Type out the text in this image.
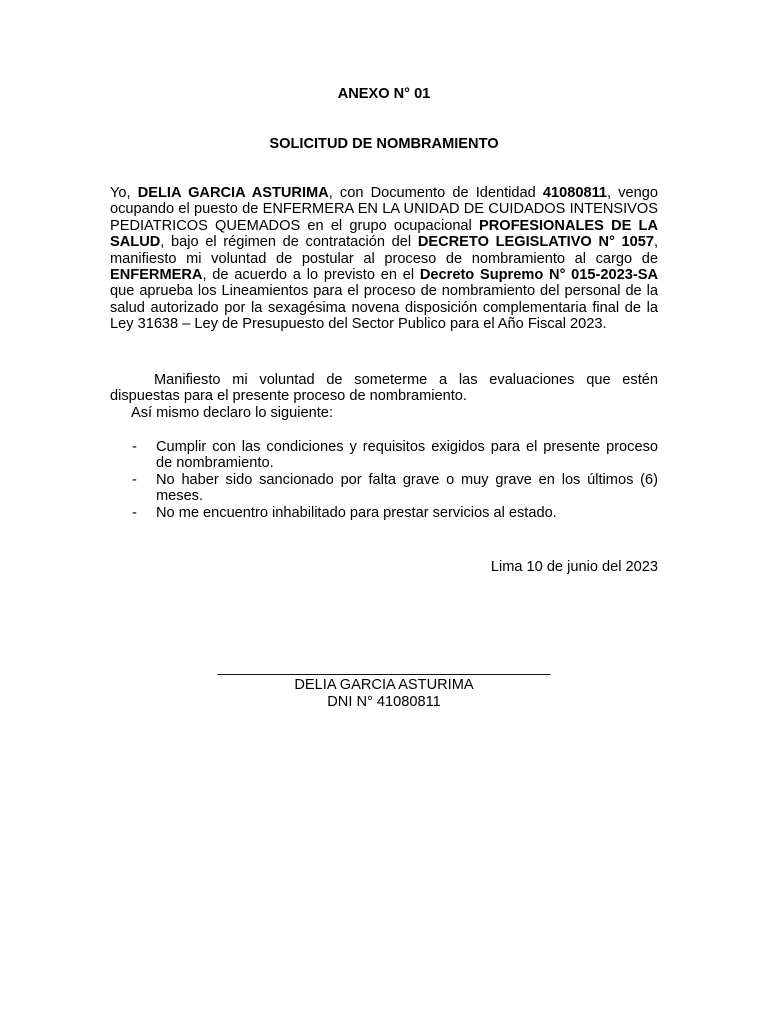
ANEXO N° 01
SOLICITUD DE NOMBRAMIENTO
Yo, DELIA GARCIA ASTURIMA, con Documento de Identidad 41080811, vengo ocupando el puesto de ENFERMERA EN LA UNIDAD DE CUIDADOS INTENSIVOS PEDIATRICOS QUEMADOS en el grupo ocupacional PROFESIONALES DE LA SALUD, bajo el régimen de contratación del DECRETO LEGISLATIVO N° 1057, manifiesto mi voluntad de postular al proceso de nombramiento al cargo de ENFERMERA, de acuerdo a lo previsto en el Decreto Supremo N° 015-2023-SA que aprueba los Lineamientos para el proceso de nombramiento del personal de la salud autorizado por la sexagésima novena disposición complementaria final de la Ley 31638 – Ley de Presupuesto del Sector Publico para el Año Fiscal 2023.
Manifiesto mi voluntad de someterme a las evaluaciones que estén dispuestas para el presente proceso de nombramiento.
Así mismo declaro lo siguiente:
- Cumplir con las condiciones y requisitos exigidos para el presente proceso de nombramiento.
- No haber sido sancionado por falta grave o muy grave en los últimos (6) meses.
- No me encuentro inhabilitado para prestar servicios al estado.
Lima 10 de junio del 2023
_________________________________________
DELIA GARCIA ASTURIMA
DNI N° 41080811
